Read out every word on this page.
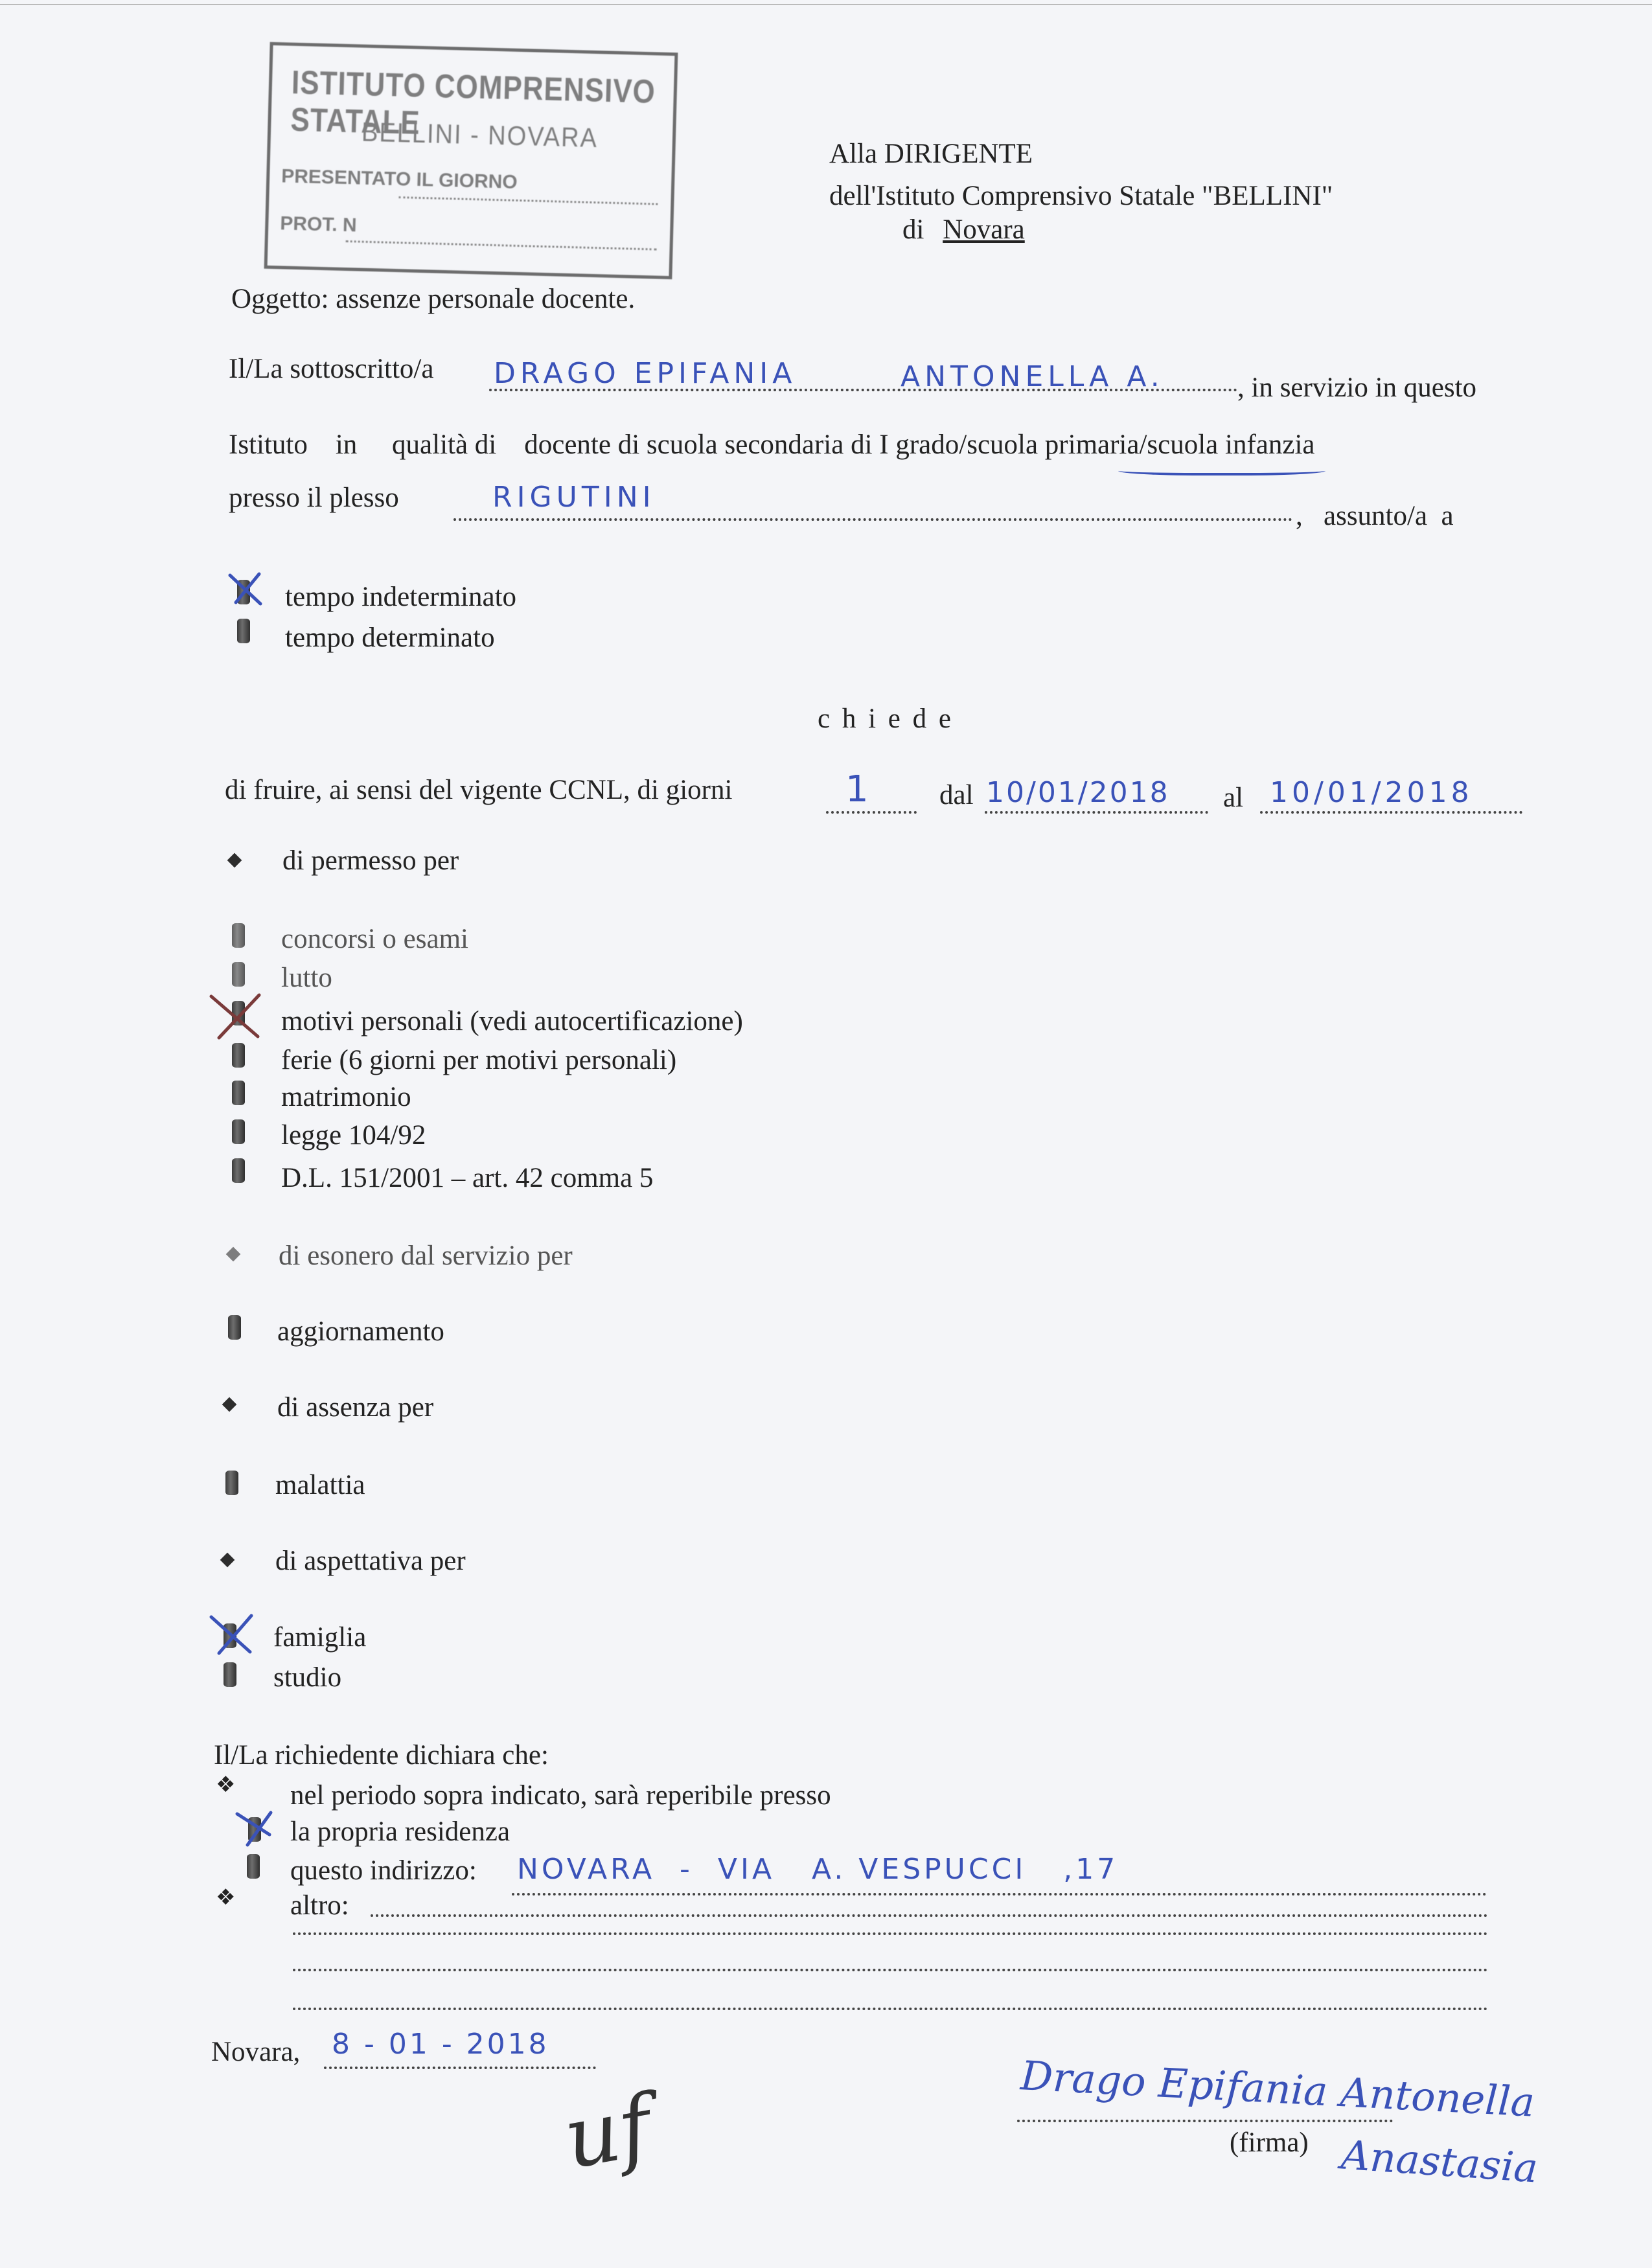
ISTITUTO COMPRENSIVO STATALE
BELLINI - NOVARA
PRESENTATO IL GIORNO
PROT. N
Alla DIRIGENTE
dell'Istituto Comprensivo Statale "BELLINI"
di Novara
Oggetto: assenze personale docente.
Il/La sottoscritto/a DRAGO EPIFANIA	ANTONELLA A.	, in servizio in questo
Istituto    in     qualità di    docente di scuola secondaria di I grado/scuola primaria/scuola infanzia
presso il plesso	RIGUTINI
,   assunto/a  a
tempo indeterminato
tempo determinato
c h i e d e
di fruire, ai sensi del vigente CCNL, di giorni	1 dal 10/01/2018 al 10/01/2018
di permesso per
concorsi o esami
lutto
motivi personali (vedi autocertificazione)
ferie (6 giorni per motivi personali)
matrimonio
legge 104/92
D.L. 151/2001 – art. 42 comma 5
di esonero dal servizio per
aggiornamento
di assenza per
malattia
di aspettativa per
famiglia
studio
Il/La richiedente dichiara che:
❖ nel periodo sopra indicato, sarà reperibile presso
la propria residenza
questo indirizzo: NOVARA  -  VIA   A. VESPUCCI   ,17
❖ altro:
Novara, 8 - 01 - 2018
uf	Drago Epifania Antonella
(firma) Anastasia
